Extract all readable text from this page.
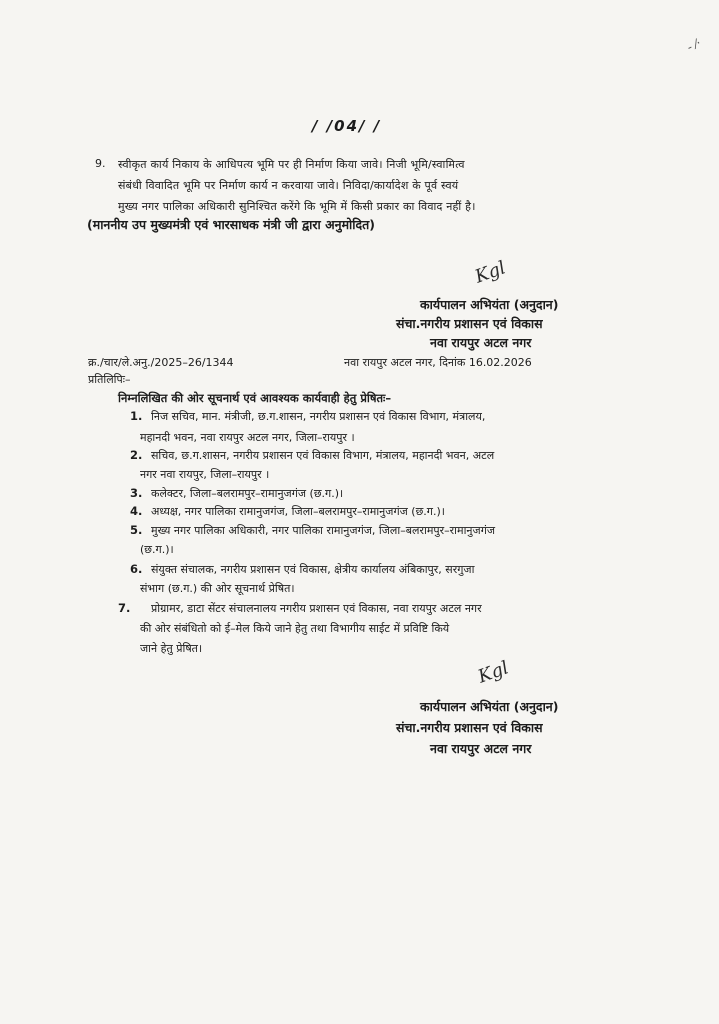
- ⁄·
/ /04/ /
9. स्वीकृत कार्य निकाय के आधिपत्य भूमि पर ही निर्माण किया जावे। निजी भूमि/स्वामित्व
संबंधी विवादित भूमि पर निर्माण कार्य न करवाया जावे। निविदा/कार्यादेश के पूर्व स्वयं
मुख्य नगर पालिका अधिकारी सुनिश्चित करेंगे कि भूमि में किसी प्रकार का विवाद नहीं है।
(माननीय उप मुख्यमंत्री एवं भारसाधक मंत्री जी द्वारा अनुमोदित)
Kgl
कार्यपालन अभियंता (अनुदान)
संचा.नगरीय प्रशासन एवं विकास
नवा रायपुर अटल नगर
क्र./चार/ले.अनु./2025–26/1344	नवा रायपुर अटल नगर, दिनांक 16.02.2026
प्रतिलिपिः–
निम्नलिखित की ओर सूचनार्थ एवं आवश्यक कार्यवाही हेतु प्रेषितः–
1. निज सचिव, मान. मंत्रीजी, छ.ग.शासन, नगरीय प्रशासन एवं विकास विभाग, मंत्रालय,
महानदी भवन, नवा रायपुर अटल नगर, जिला–रायपुर ।
2. सचिव, छ.ग.शासन, नगरीय प्रशासन एवं विकास विभाग, मंत्रालय, महानदी भवन, अटल
नगर नवा रायपुर, जिला–रायपुर ।
3. कलेक्टर, जिला–बलरामपुर–रामानुजगंज (छ.ग.)।
4. अध्यक्ष, नगर पालिका रामानुजगंज, जिला–बलरामपुर–रामानुजगंज (छ.ग.)।
5. मुख्य नगर पालिका अधिकारी, नगर पालिका रामानुजगंज, जिला–बलरामपुर–रामानुजगंज
(छ.ग.)।
6. संयुक्त संचालक, नगरीय प्रशासन एवं विकास, क्षेत्रीय कार्यालय अंबिकापुर, सरगुजा
संभाग (छ.ग.) की ओर सूचनार्थ प्रेषित।
7. प्रोग्रामर, डाटा सेंटर संचालनालय नगरीय प्रशासन एवं विकास, नवा रायपुर अटल नगर
की ओर संबंधितो को ई–मेल किये जाने हेतु तथा विभागीय साईट में प्रविष्टि किये
जाने हेतु प्रेषित।
Kgl
कार्यपालन अभियंता (अनुदान)
संचा.नगरीय प्रशासन एवं विकास
नवा रायपुर अटल नगर
